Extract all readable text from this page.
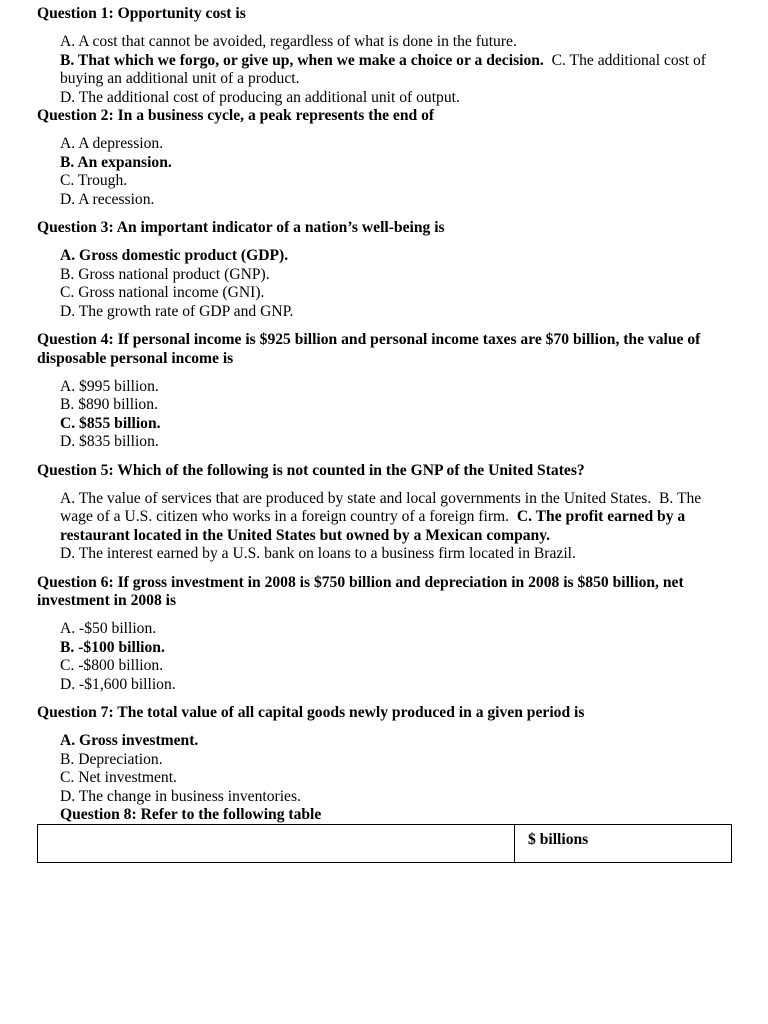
Question 1: Opportunity cost is

A. A cost that cannot be avoided, regardless of what is done in the future.

B. That which we forgo, or give up, when we make a choice or a decision. C. The additional cost of buying an additional unit of a product.

D. The additional cost of producing an additional unit of output.

Question 2: In a business cycle, a peak represents the end of

A. A depression.

B. An expansion.

C. Trough.

D. A recession.

Question 3: An important indicator of a nation’s well-being is

A. Gross domestic product (GDP).

B. Gross national product (GNP).

C. Gross national income (GNI).

D. The growth rate of GDP and GNP.

Question 4: If personal income is $925 billion and personal income taxes are $70 billion, the value of disposable personal income is

A. $995 billion.

B. $890 billion.

C. $855 billion.

D. $835 billion.

Question 5: Which of the following is not counted in the GNP of the United States?

A. The value of services that are produced by state and local governments in the United States. B. The wage of a U.S. citizen who works in a foreign country of a foreign firm. C. The profit earned by a restaurant located in the United States but owned by a Mexican company.

D. The interest earned by a U.S. bank on loans to a business firm located in Brazil.

Question 6: If gross investment in 2008 is $750 billion and depreciation in 2008 is $850 billion, net investment in 2008 is

A. -$50 billion.

B. -$100 billion.

C. -$800 billion.

D. -$1,600 billion.

Question 7: The total value of all capital goods newly produced in a given period is

A. Gross investment.

B. Depreciation.

C. Net investment.

D. The change in business inventories.

Question 8: Refer to the following table

	$ billions
